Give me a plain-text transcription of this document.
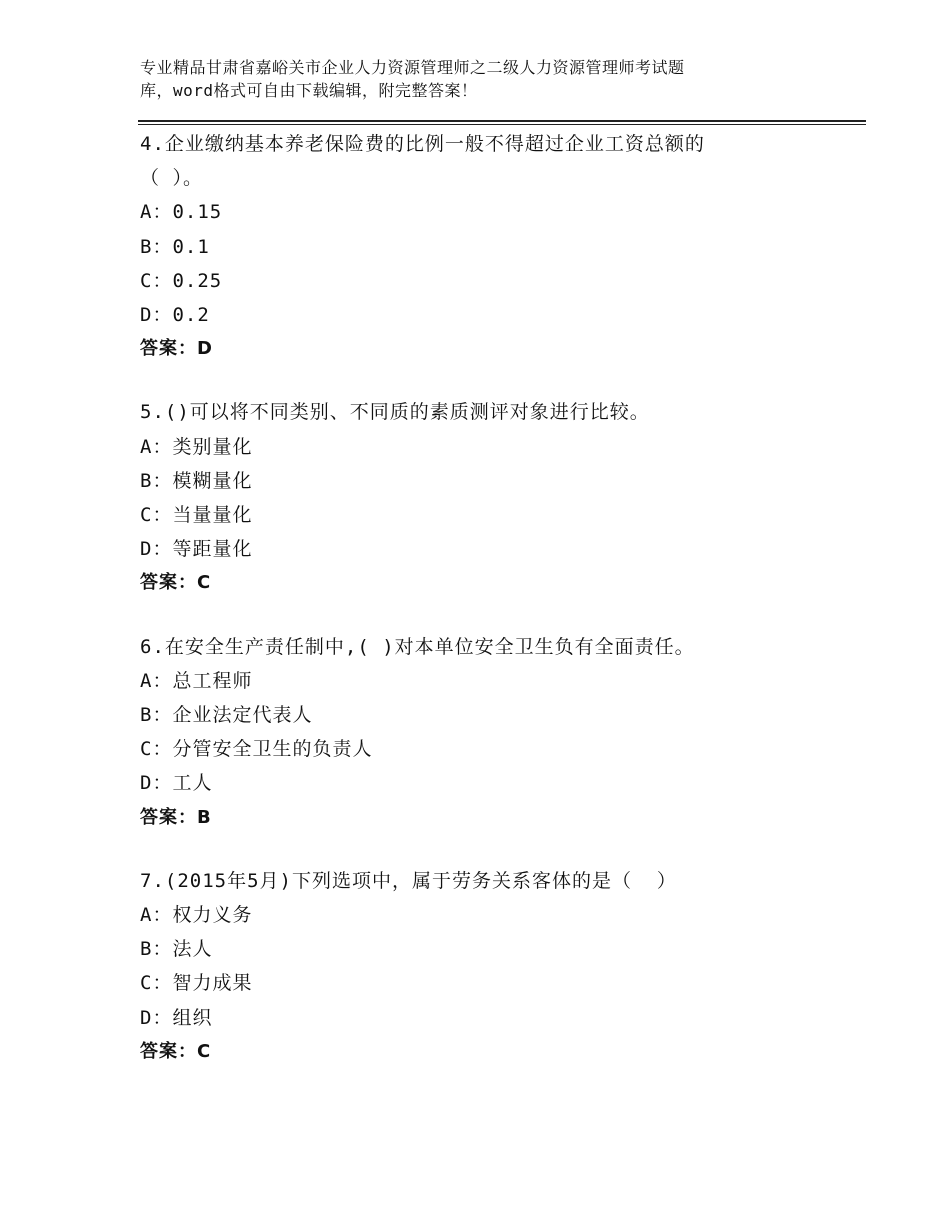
专业精品甘肃省嘉峪关市企业人力资源管理师之二级人力资源管理师考试题
库，word格式可自由下载编辑，附完整答案！
4.企业缴纳基本养老保险费的比例一般不得超过企业工资总额的
（ ）。
A：0.15
B：0.1
C：0.25
D：0.2
答案：D
5.()可以将不同类别、不同质的素质测评对象进行比较。
A：类别量化
B：模糊量化
C：当量量化
D：等距量化
答案：C
6.在安全生产责任制中,( )对本单位安全卫生负有全面责任。
A：总工程师
B：企业法定代表人
C：分管安全卫生的负责人
D：工人
答案：B
7.(2015年5月)下列选项中，属于劳务关系客体的是（  ）
A：权力义务
B：法人
C：智力成果
D：组织
答案：C
